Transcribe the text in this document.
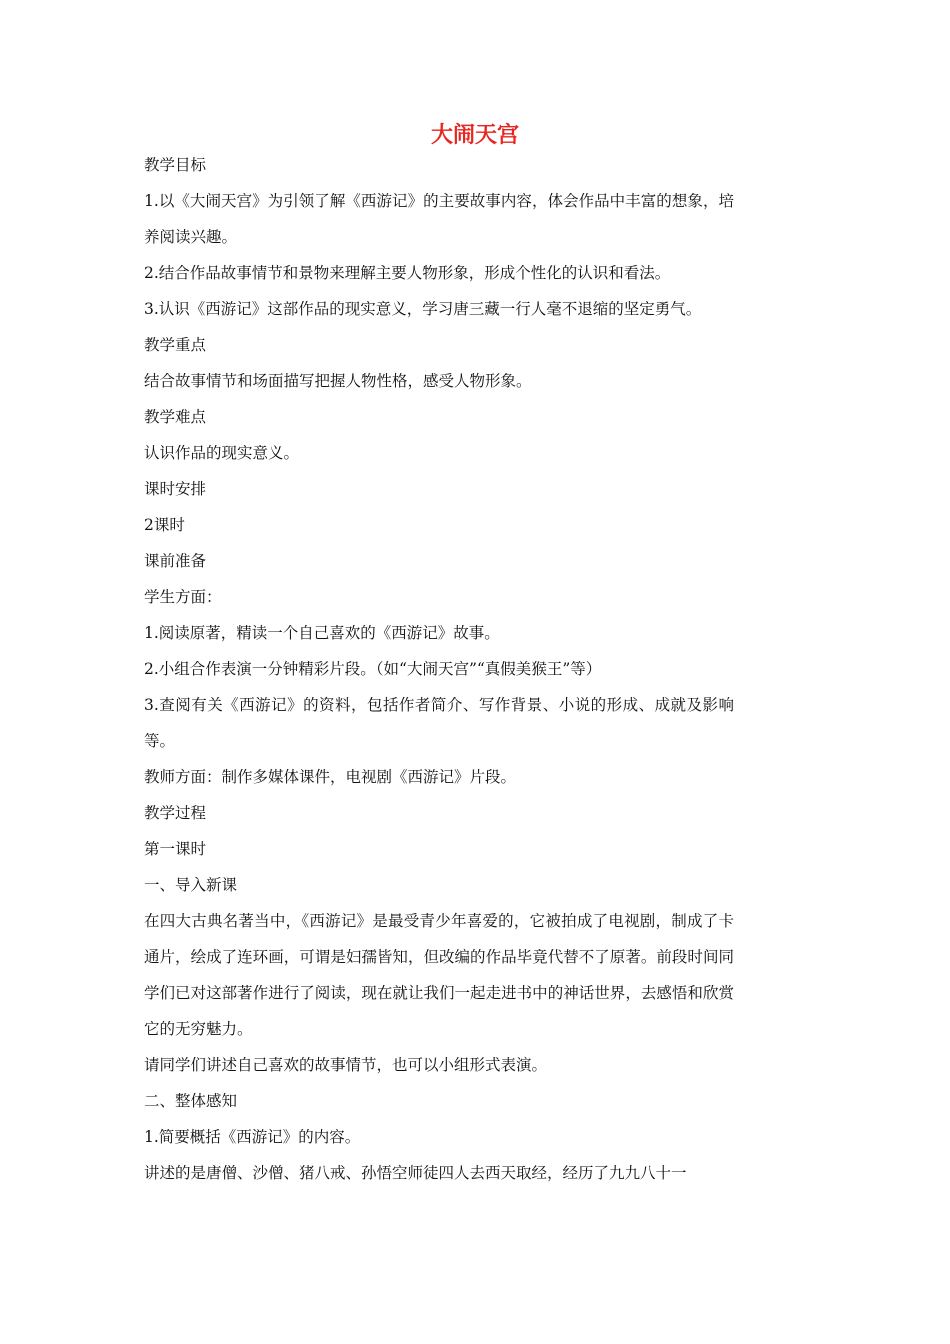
大闹天宫

教学目标

1.以《大闹天宫》为引领了解《西游记》的主要故事内容，体会作品中丰富的想象，培养阅读兴趣。

2.结合作品故事情节和景物来理解主要人物形象，形成个性化的认识和看法。

3.认识《西游记》这部作品的现实意义，学习唐三藏一行人毫不退缩的坚定勇气。

教学重点

结合故事情节和场面描写把握人物性格，感受人物形象。

教学难点

认识作品的现实意义。

课时安排

2课时

课前准备

学生方面：

1.阅读原著，精读一个自己喜欢的《西游记》故事。

2.小组合作表演一分钟精彩片段。（如“大闹天宫”“真假美猴王”等）

3.查阅有关《西游记》的资料，包括作者简介、写作背景、小说的形成、成就及影响等。

教师方面：制作多媒体课件，电视剧《西游记》片段。

教学过程

第一课时

一、导入新课

在四大古典名著当中，《西游记》是最受青少年喜爱的，它被拍成了电视剧，制成了卡通片，绘成了连环画，可谓是妇孺皆知，但改编的作品毕竟代替不了原著。前段时间同学们已对这部著作进行了阅读，现在就让我们一起走进书中的神话世界，去感悟和欣赏它的无穷魅力。

请同学们讲述自己喜欢的故事情节，也可以小组形式表演。

二、整体感知

1.简要概括《西游记》的内容。

讲述的是唐僧、沙僧、猪八戒、孙悟空师徒四人去西天取经，经历了九九八十一
